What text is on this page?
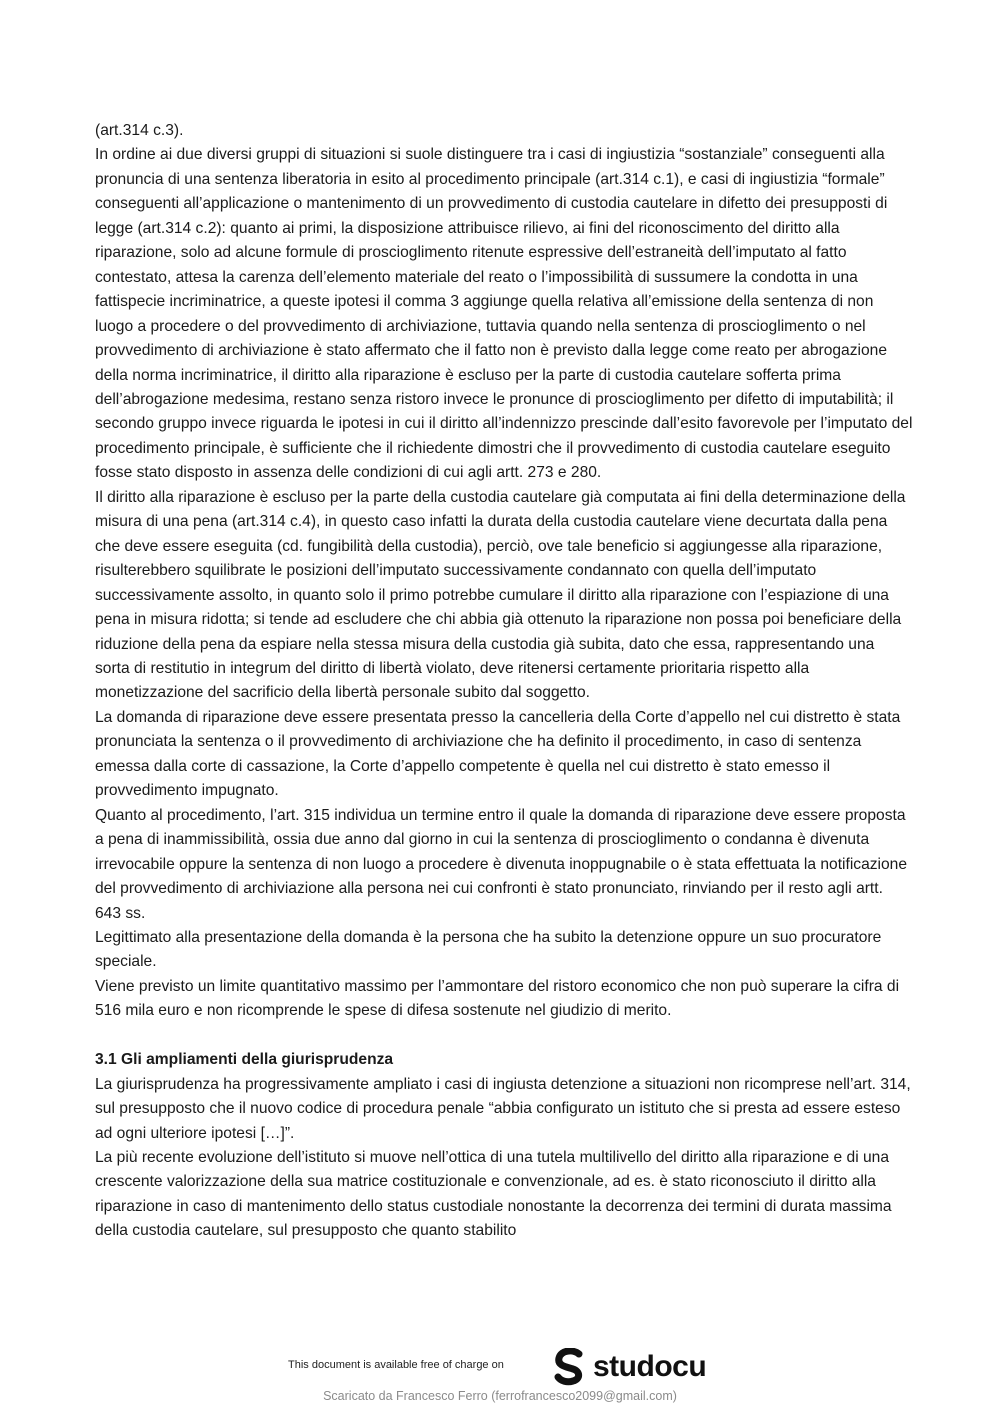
(art.314 c.3).

In ordine ai due diversi gruppi di situazioni si suole distinguere tra i casi di ingiustizia “sostanziale” conseguenti alla pronuncia di una sentenza liberatoria in esito al procedimento principale (art.314 c.1), e casi di ingiustizia “formale” conseguenti all’applicazione o mantenimento di un provvedimento di custodia cautelare in difetto dei presupposti di legge (art.314 c.2): quanto ai primi, la disposizione attribuisce rilievo, ai fini del riconoscimento del diritto alla riparazione, solo ad alcune formule di proscioglimento ritenute espressive dell’estraneità dell’imputato al fatto contestato, attesa la carenza dell’elemento materiale del reato o l’impossibilità di sussumere la condotta in una fattispecie incriminatrice, a queste ipotesi il comma 3 aggiunge quella relativa all’emissione della sentenza di non luogo a procedere o del provvedimento di archiviazione, tuttavia quando nella sentenza di proscioglimento o nel provvedimento di archiviazione è stato affermato che il fatto non è previsto dalla legge come reato per abrogazione della norma incriminatrice, il diritto alla riparazione è escluso per la parte di custodia cautelare sofferta prima dell’abrogazione medesima, restano senza ristoro invece le pronunce di proscioglimento per difetto di imputabilità; il secondo gruppo invece riguarda le ipotesi in cui il diritto all’indennizzo prescinde dall’esito favorevole per l’imputato del procedimento principale, è sufficiente che il richiedente dimostri che il provvedimento di custodia cautelare eseguito fosse stato disposto in assenza delle condizioni di cui agli artt. 273 e 280.

Il diritto alla riparazione è escluso per la parte della custodia cautelare già computata ai fini della determinazione della misura di una pena (art.314 c.4), in questo caso infatti la durata della custodia cautelare viene decurtata dalla pena che deve essere eseguita (cd. fungibilità della custodia), perciò, ove tale beneficio si aggiungesse alla riparazione, risulterebbero squilibrate le posizioni dell’imputato successivamente condannato con quella dell’imputato successivamente assolto, in quanto solo il primo potrebbe cumulare il diritto alla riparazione con l’espiazione di una pena in misura ridotta; si tende ad escludere che chi abbia già ottenuto la riparazione non possa poi beneficiare della riduzione della pena da espiare nella stessa misura della custodia già subita, dato che essa, rappresentando una sorta di restitutio in integrum del diritto di libertà violato, deve ritenersi certamente prioritaria rispetto alla monetizzazione del sacrificio della libertà personale subito dal soggetto.

La domanda di riparazione deve essere presentata presso la cancelleria della Corte d’appello nel cui distretto è stata pronunciata la sentenza o il provvedimento di archiviazione che ha definito il procedimento, in caso di sentenza emessa dalla corte di cassazione, la Corte d’appello competente è quella nel cui distretto è stato emesso il provvedimento impugnato.

Quanto al procedimento, l’art. 315 individua un termine entro il quale la domanda di riparazione deve essere proposta a pena di inammissibilità, ossia due anno dal giorno in cui la sentenza di proscioglimento o condanna è divenuta irrevocabile oppure la sentenza di non luogo a procedere è divenuta inoppugnabile o è stata effettuata la notificazione del provvedimento di archiviazione alla persona nei cui confronti è stato pronunciato, rinviando per il resto agli artt. 643 ss.

Legittimato alla presentazione della domanda è la persona che ha subito la detenzione oppure un suo procuratore speciale.

Viene previsto un limite quantitativo massimo per l’ammontare del ristoro economico che non può superare la cifra di 516 mila euro e non ricomprende le spese di difesa sostenute nel giudizio di merito.

3.1 Gli ampliamenti della giurisprudenza

La giurisprudenza ha progressivamente ampliato i casi di ingiusta detenzione a situazioni non ricomprese nell’art. 314, sul presupposto che il nuovo codice di procedura penale “abbia configurato un istituto che si presta ad essere esteso ad ogni ulteriore ipotesi […]”.

La più recente evoluzione dell’istituto si muove nell’ottica di una tutela multilivello del diritto alla riparazione e di una crescente valorizzazione della sua matrice costituzionale e convenzionale, ad es. è stato riconosciuto il diritto alla riparazione in caso di mantenimento dello status custodiale nonostante la decorrenza dei termini di durata massima della custodia cautelare, sul presupposto che quanto stabilito

This document is available free of charge on	studocu
Scaricato da Francesco Ferro (ferrofrancesco2099@gmail.com)
